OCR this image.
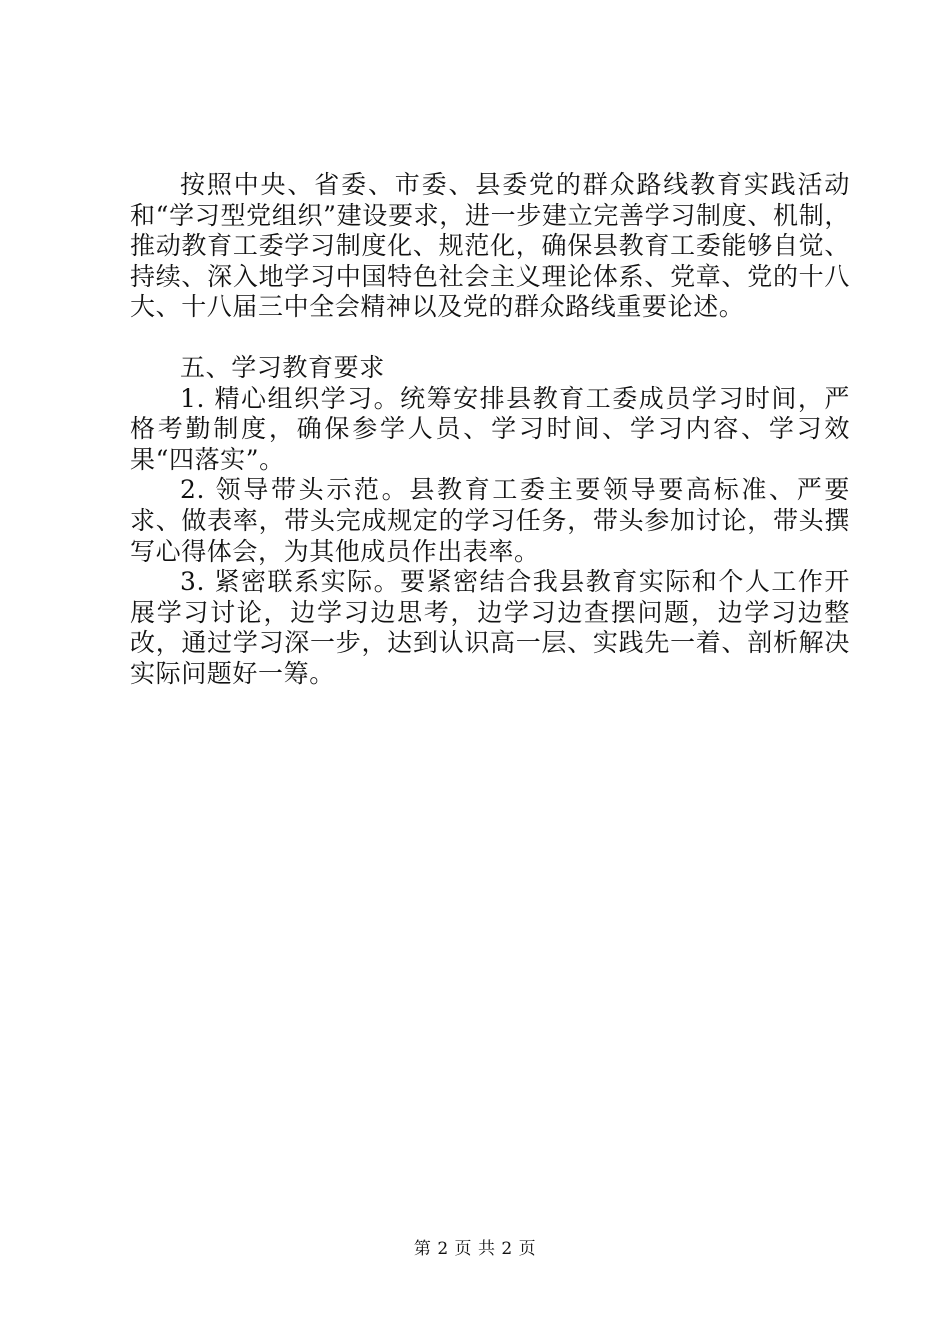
按照中央、省委、市委、县委党的群众路线教育实践活动和“学习型党组织”建设要求，进一步建立完善学习制度、机制，推动教育工委学习制度化、规范化，确保县教育工委能够自觉、持续、深入地学习中国特色社会主义理论体系、党章、党的十八大、十八届三中全会精神以及党的群众路线重要论述。

五、学习教育要求

1. 精心组织学习。统筹安排县教育工委成员学习时间，严格考勤制度，确保参学人员、学习时间、学习内容、学习效果“四落实”。

2. 领导带头示范。县教育工委主要领导要高标准、严要求、做表率，带头完成规定的学习任务，带头参加讨论，带头撰写心得体会，为其他成员作出表率。

3. 紧密联系实际。要紧密结合我县教育实际和个人工作开展学习讨论，边学习边思考，边学习边查摆问题，边学习边整改，通过学习深一步，达到认识高一层、实践先一着、剖析解决实际问题好一筹。

第 2 页 共 2 页
